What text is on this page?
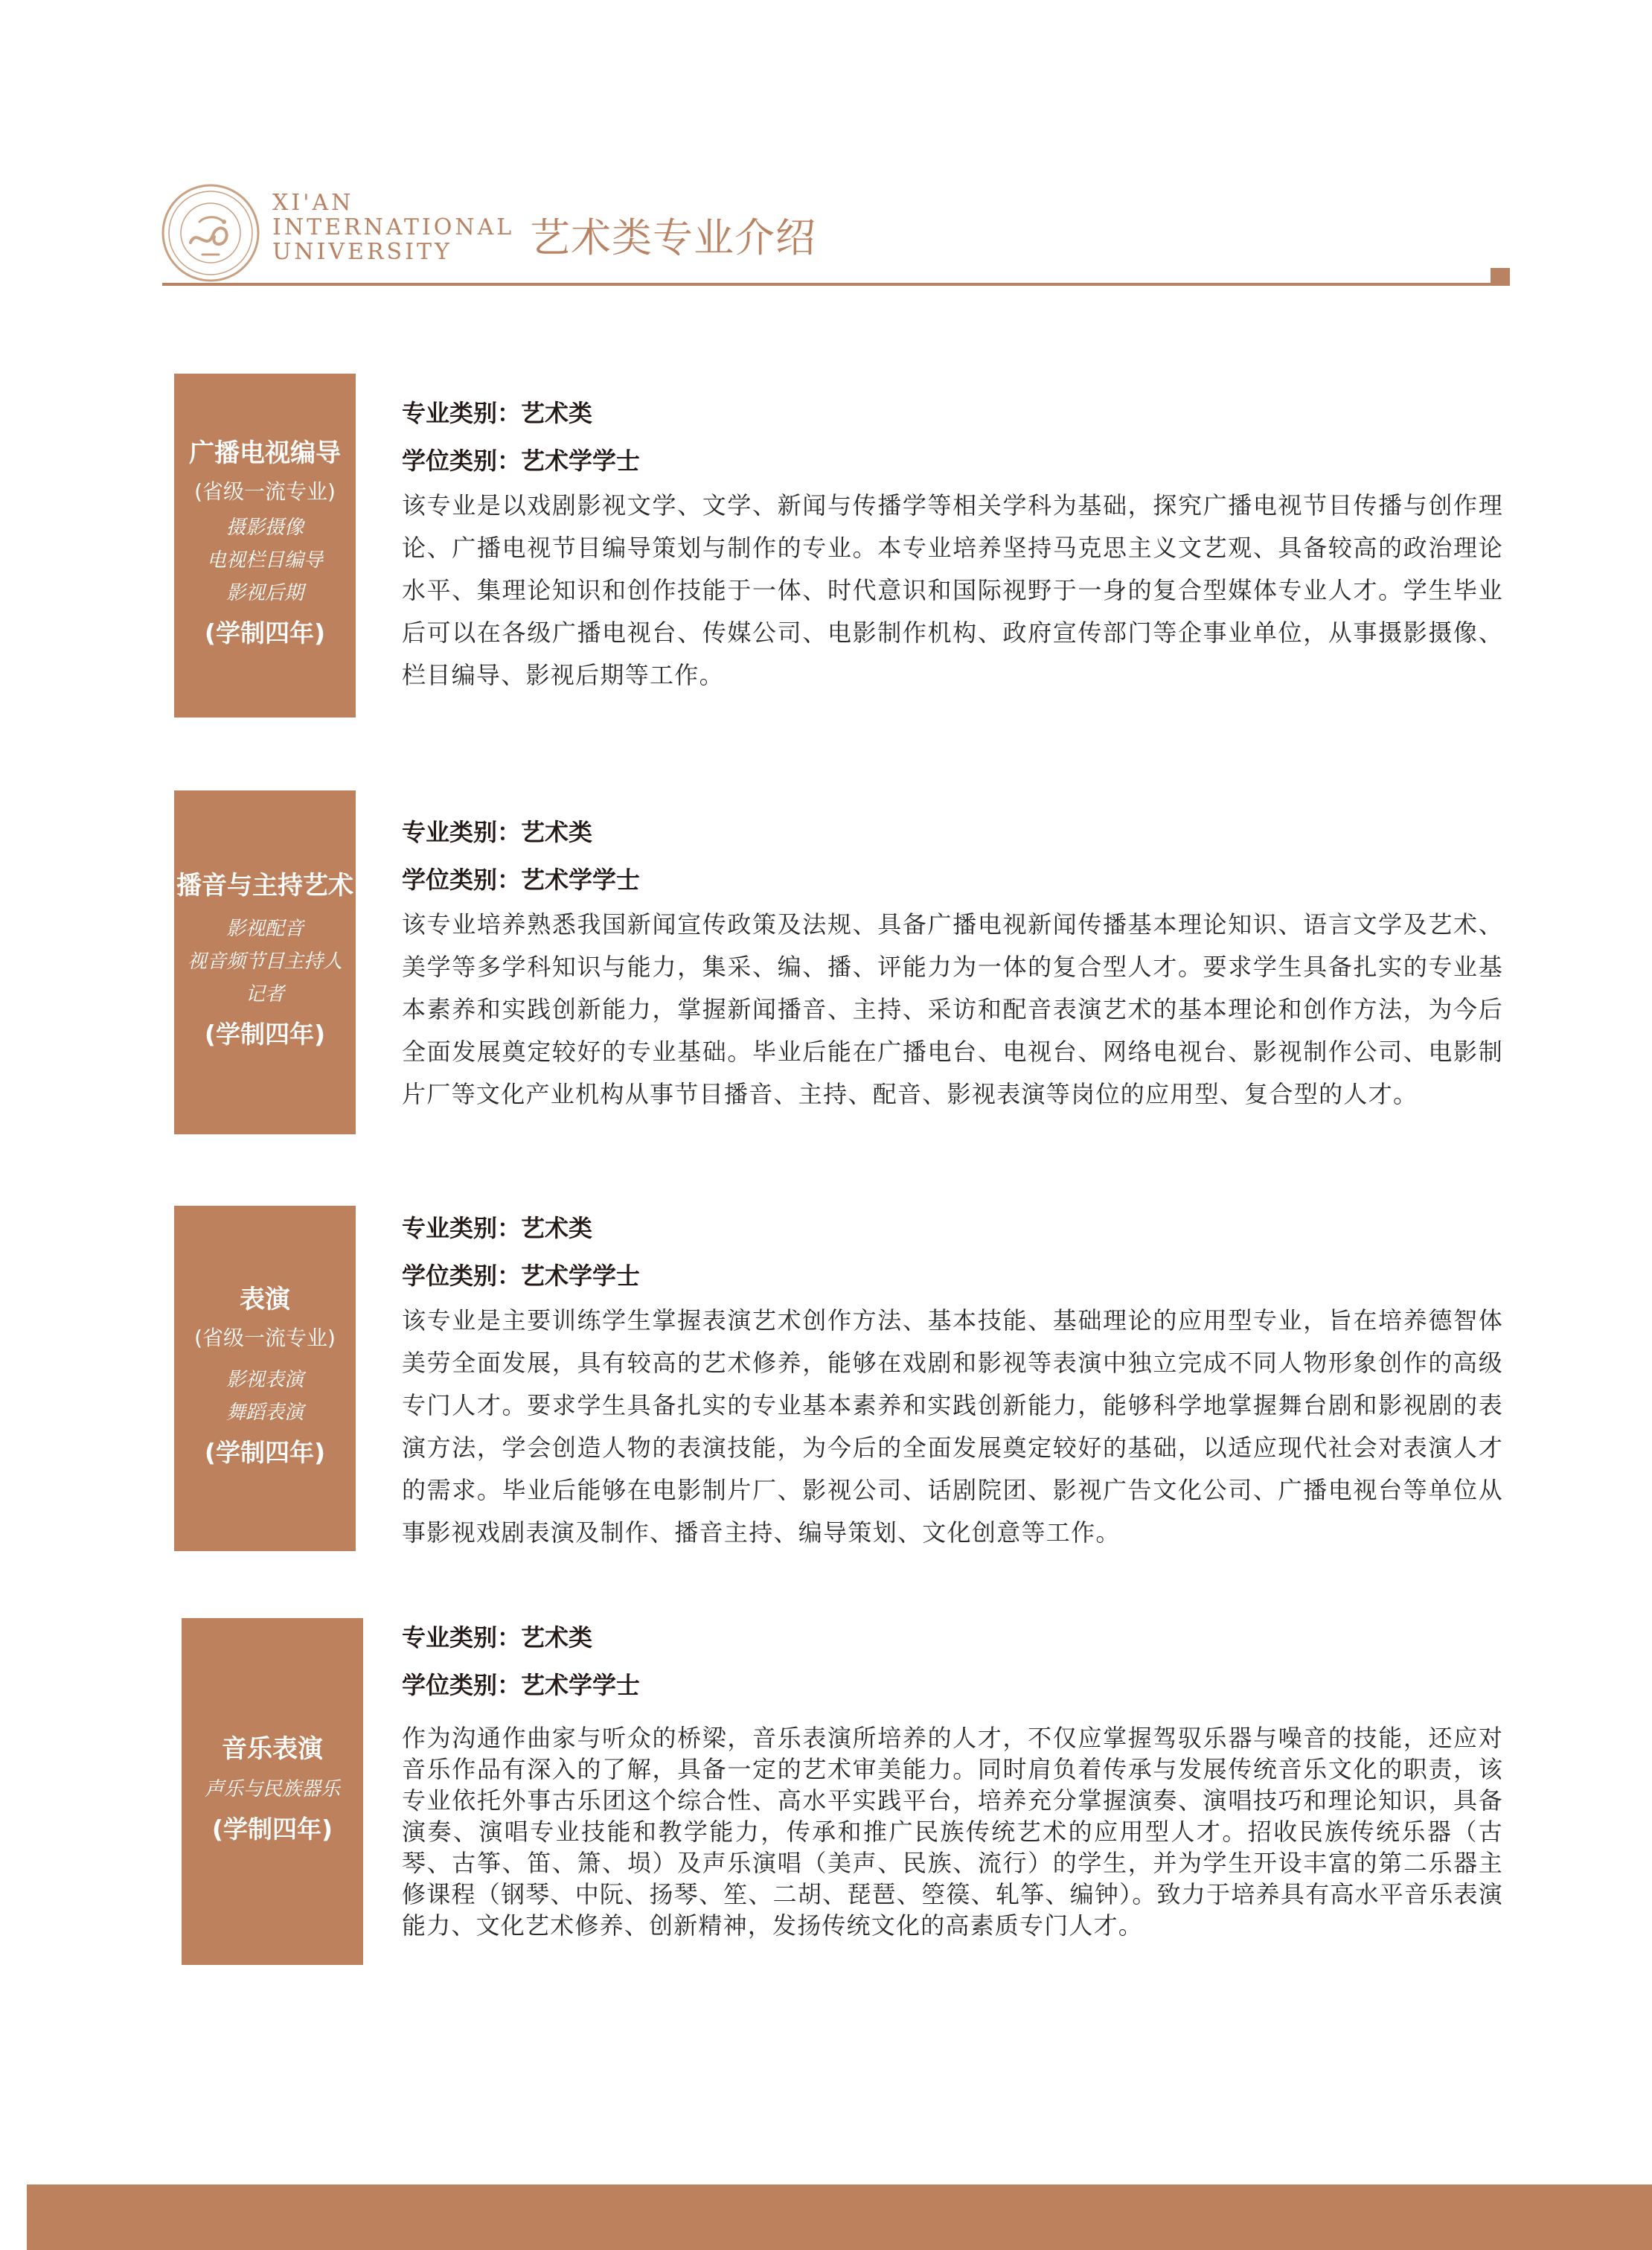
XI'AN
INTERNATIONAL
UNIVERSITY	艺术类专业介绍
广播电视编导
(省级一流专业)
摄影摄像
电视栏目编导
影视后期
(学制四年)
专业类别：艺术类
学位类别：艺术学学士
该专业是以戏剧影视文学、文学、新闻与传播学等相关学科为基础，探究广播电视节目传播与创作理论、广播电视节目编导策划与制作的专业。本专业培养坚持马克思主义文艺观、具备较高的政治理论水平、集理论知识和创作技能于一体、时代意识和国际视野于一身的复合型媒体专业人才。学生毕业后可以在各级广播电视台、传媒公司、电影制作机构、政府宣传部门等企事业单位，从事摄影摄像、栏目编导、影视后期等工作。
播音与主持艺术
影视配音
视音频节目主持人
记者
(学制四年)
专业类别：艺术类
学位类别：艺术学学士
该专业培养熟悉我国新闻宣传政策及法规、具备广播电视新闻传播基本理论知识、语言文学及艺术、美学等多学科知识与能力，集采、编、播、评能力为一体的复合型人才。要求学生具备扎实的专业基本素养和实践创新能力，掌握新闻播音、主持、采访和配音表演艺术的基本理论和创作方法，为今后全面发展奠定较好的专业基础。毕业后能在广播电台、电视台、网络电视台、影视制作公司、电影制片厂等文化产业机构从事节目播音、主持、配音、影视表演等岗位的应用型、复合型的人才。
表演
(省级一流专业)
影视表演
舞蹈表演
(学制四年)
专业类别：艺术类
学位类别：艺术学学士
该专业是主要训练学生掌握表演艺术创作方法、基本技能、基础理论的应用型专业，旨在培养德智体美劳全面发展，具有较高的艺术修养，能够在戏剧和影视等表演中独立完成不同人物形象创作的高级专门人才。要求学生具备扎实的专业基本素养和实践创新能力，能够科学地掌握舞台剧和影视剧的表演方法，学会创造人物的表演技能，为今后的全面发展奠定较好的基础，以适应现代社会对表演人才的需求。毕业后能够在电影制片厂、影视公司、话剧院团、影视广告文化公司、广播电视台等单位从事影视戏剧表演及制作、播音主持、编导策划、文化创意等工作。
音乐表演
声乐与民族器乐
(学制四年)
专业类别：艺术类
学位类别：艺术学学士
作为沟通作曲家与听众的桥梁，音乐表演所培养的人才，不仅应掌握驾驭乐器与噪音的技能，还应对音乐作品有深入的了解，具备一定的艺术审美能力。同时肩负着传承与发展传统音乐文化的职责，该专业依托外事古乐团这个综合性、高水平实践平台，培养充分掌握演奏、演唱技巧和理论知识，具备演奏、演唱专业技能和教学能力，传承和推广民族传统艺术的应用型人才。招收民族传统乐器（古琴、古筝、笛、箫、埙）及声乐演唱（美声、民族、流行）的学生，并为学生开设丰富的第二乐器主修课程（钢琴、中阮、扬琴、笙、二胡、琵琶、箜篌、轧筝、编钟）。致力于培养具有高水平音乐表演能力、文化艺术修养、创新精神，发扬传统文化的高素质专门人才。
